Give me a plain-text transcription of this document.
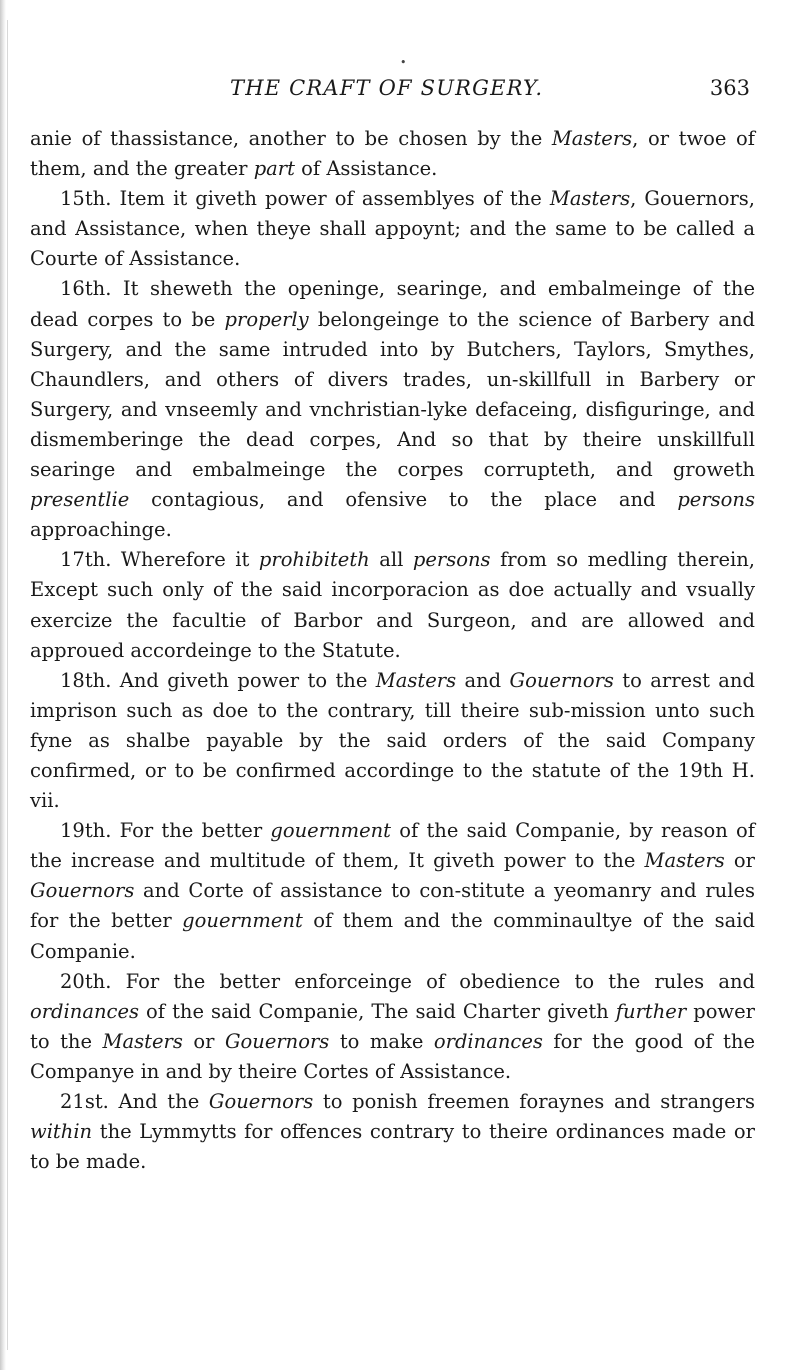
•
THE CRAFT OF SURGERY.	363

anie of thassistance, another to be chosen by the Masters, or twoe of them, and the greater part of Assistance.

15th. Item it giveth power of assemblyes of the Masters, Gouernors, and Assistance, when theye shall appoynt; and the same to be called a Courte of Assistance.

16th. It sheweth the openinge, searinge, and embalmeinge of the dead corpes to be properly belongeinge to the science of Barbery and Surgery, and the same intruded into by Butchers, Taylors, Smythes, Chaundlers, and others of divers trades, un-skillfull in Barbery or Surgery, and vnseemly and vnchristian-lyke defaceing, disfiguringe, and dismemberinge the dead corpes, And so that by theire unskillfull searinge and embalmeinge the corpes corrupteth, and groweth presentlie contagious, and ofensive to the place and persons approachinge.

17th. Wherefore it prohibiteth all persons from so medling therein, Except such only of the said incorporacion as doe actually and vsually exercize the facultie of Barbor and Surgeon, and are allowed and approued accordeinge to the Statute.

18th. And giveth power to the Masters and Gouernors to arrest and imprison such as doe to the contrary, till theire sub-mission unto such fyne as shalbe payable by the said orders of the said Company confirmed, or to be confirmed accordinge to the statute of the 19th H. vii.

19th. For the better gouernment of the said Companie, by reason of the increase and multitude of them, It giveth power to the Masters or Gouernors and Corte of assistance to con-stitute a yeomanry and rules for the better gouernment of them and the comminaultye of the said Companie.

20th. For the better enforceinge of obedience to the rules and ordinances of the said Companie, The said Charter giveth further power to the Masters or Gouernors to make ordinances for the good of the Companye in and by theire Cortes of Assistance.

21st. And the Gouernors to ponish freemen foraynes and strangers within the Lymmytts for offences contrary to theire ordinances made or to be made.
